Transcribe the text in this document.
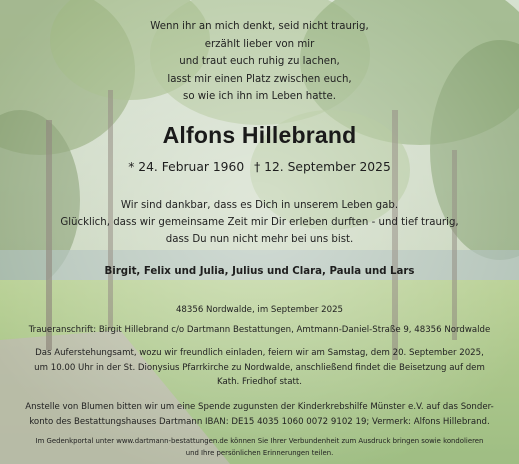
Wenn ihr an mich denkt, seid nicht traurig,
erzählt lieber von mir
und traut euch ruhig zu lachen,
lasst mir einen Platz zwischen euch,
so wie ich ihn im Leben hatte.
Alfons Hillebrand
* 24. Februar 1960 † 12. September 2025
Wir sind dankbar, dass es Dich in unserem Leben gab.
Glücklich, dass wir gemeinsame Zeit mir Dir erleben durften - und tief traurig,
dass Du nun nicht mehr bei uns bist.
Birgit, Felix und Julia, Julius und Clara, Paula und Lars
48356 Nordwalde, im September 2025
Traueranschrift: Birgit Hillebrand c/o Dartmann Bestattungen, Amtmann-Daniel-Straße 9, 48356 Nordwalde
Das Auferstehungsamt, wozu wir freundlich einladen, feiern wir am Samstag, dem 20. September 2025,
um 10.00 Uhr in der St. Dionysius Pfarrkirche zu Nordwalde, anschließend findet die Beisetzung auf dem
Kath. Friedhof statt.
Anstelle von Blumen bitten wir um eine Spende zugunsten der Kinderkrebshilfe Münster e.V. auf das Sonder-
konto des Bestattungshauses Dartmann IBAN: DE15 4035 1060 0072 9102 19; Vermerk: Alfons Hillebrand.
Im Gedenkportal unter www.dartmann-bestattungen.de können Sie Ihrer Verbundenheit zum Ausdruck bringen sowie kondolieren
und Ihre persönlichen Erinnerungen teilen.
